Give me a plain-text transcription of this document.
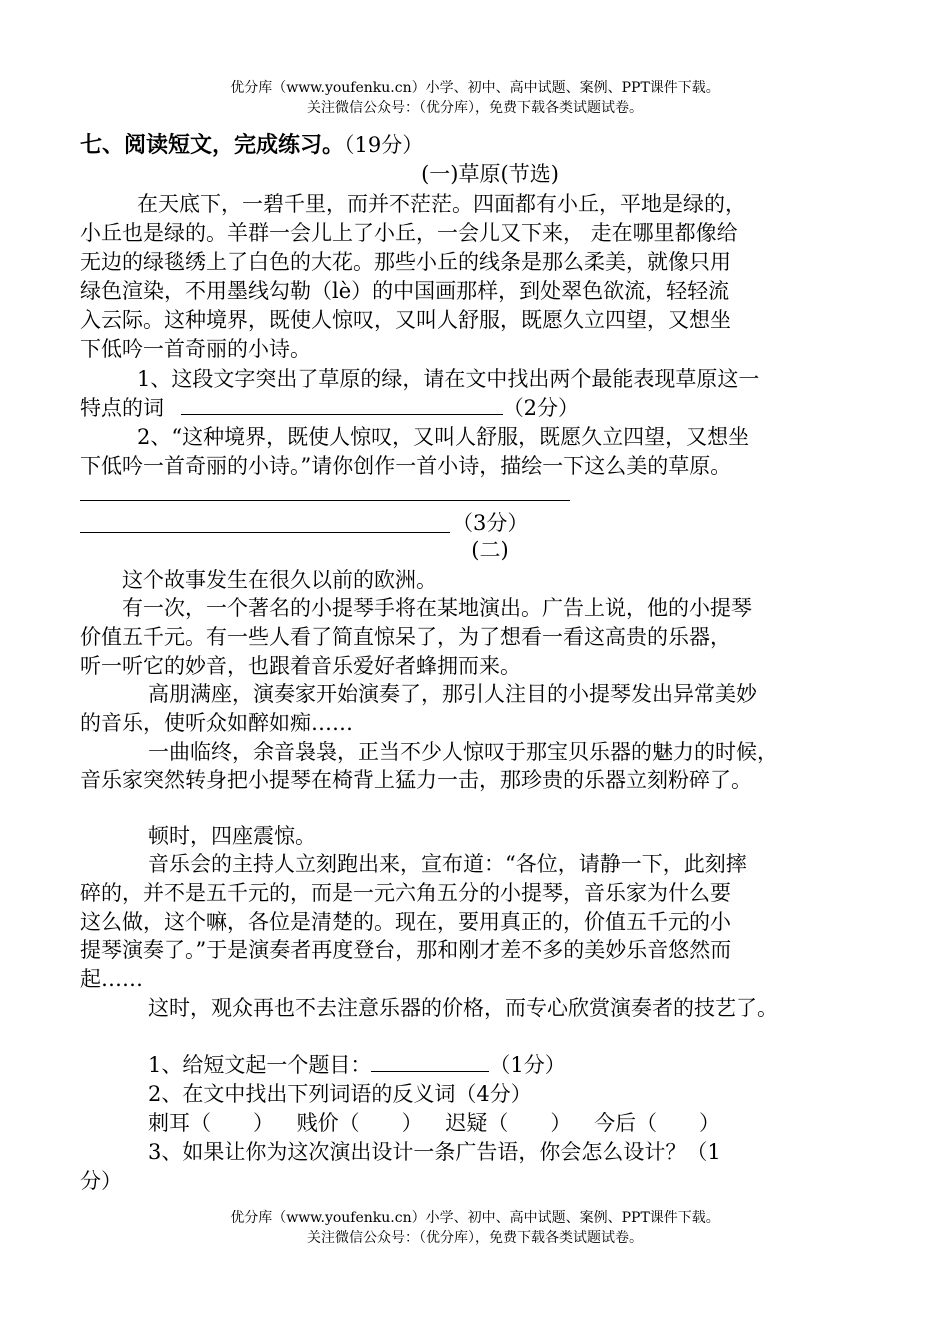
优分库（www.youfenku.cn）小学、初中、高中试题、案例、PPT课件下载。
关注微信公众号：（优分库），免费下载各类试题试卷。
七、阅读短文，完成练习。（19分）
(一)草原(节选)
在天底下，一碧千里，而并不茫茫。四面都有小丘，平地是绿的，
小丘也是绿的。羊群一会儿上了小丘，一会儿又下来， 走在哪里都像给
无边的绿毯绣上了白色的大花。那些小丘的线条是那么柔美，就像只用
绿色渲染，不用墨线勾勒（lè）的中国画那样，到处翠色欲流，轻轻流
入云际。这种境界，既使人惊叹，又叫人舒服，既愿久立四望，又想坐
下低吟一首奇丽的小诗。
1、这段文字突出了草原的绿，请在文中找出两个最能表现草原这一
特点的词	（2分）
2、“这种境界，既使人惊叹，又叫人舒服，既愿久立四望，又想坐
下低吟一首奇丽的小诗。”请你创作一首小诗，描绘一下这么美的草原。
（3分）
(二)
这个故事发生在很久以前的欧洲。
有一次，一个著名的小提琴手将在某地演出。广告上说，他的小提琴
价值五千元。有一些人看了简直惊呆了，为了想看一看这高贵的乐器，
听一听它的妙音，也跟着音乐爱好者蜂拥而来。
高朋满座，演奏家开始演奏了，那引人注目的小提琴发出异常美妙
的音乐，使听众如醉如痴……
一曲临终，余音袅袅，正当不少人惊叹于那宝贝乐器的魅力的时候，
音乐家突然转身把小提琴在椅背上猛力一击，那珍贵的乐器立刻粉碎了。
顿时，四座震惊。
音乐会的主持人立刻跑出来，宣布道：“各位，请静一下，此刻摔
碎的，并不是五千元的，而是一元六角五分的小提琴，音乐家为什么要
这么做，这个嘛，各位是清楚的。现在，要用真正的，价值五千元的小
提琴演奏了。”于是演奏者再度登台，那和刚才差不多的美妙乐音悠然而
起……
这时，观众再也不去注意乐器的价格，而专心欣赏演奏者的技艺了。
1、给短文起一个题目：	（1分）
2、在文中找出下列词语的反义词（4分）
刺耳（　　） 贱价（　　） 迟疑（　　） 今后（　　）
3、如果让你为这次演出设计一条广告语，你会怎么设计？（1
分）
优分库（www.youfenku.cn）小学、初中、高中试题、案例、PPT课件下载。
关注微信公众号：（优分库），免费下载各类试题试卷。
